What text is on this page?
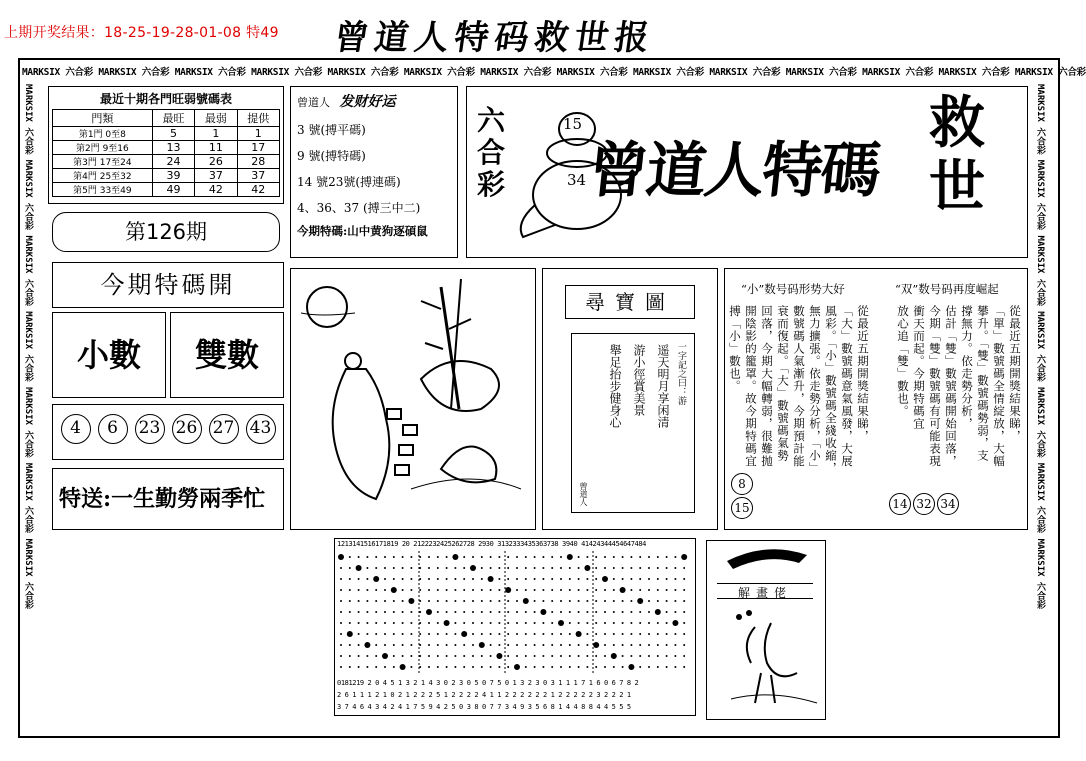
上期开奖结果：18-25-19-28-01-08 特49 曾道人特码救世报
MARKSIX 六合彩 MARKSIX 六合彩 MARKSIX 六合彩 MARKSIX 六合彩 MARKSIX 六合彩 MARKSIX 六合彩 MARKSIX 六合彩 MARKSIX 六合彩 MARKSIX 六合彩 MARKSIX 六合彩 MARKSIX 六合彩 MARKSIX 六合彩 MARKSIX 六合彩 MARKSIX 六合彩
MARKSIX 六合彩 MARKSIX 六合彩 MARKSIX 六合彩 MARKSIX 六合彩 MARKSIX 六合彩 MARKSIX 六合彩 MARKSIX 六合彩	MARKSIX 六合彩 MARKSIX 六合彩 MARKSIX 六合彩 MARKSIX 六合彩 MARKSIX 六合彩 MARKSIX 六合彩 MARKSIX 六合彩
最近十期各門旺弱號碼表
門類	最旺	最弱	提供
第1門 0至8	5	1	1
第2門 9至16	13	11	17
第3門 17至24	24	26	28
第4門 25至32	39	37	37
第5門 33至49	49	42	42
曾道人 发财好运
3 號(搏平碼)
9 號(搏特碼)
14 號23號(搏連碼)
4、36、37 (搏三中二)
今期特碼:山中黄狗逐碩鼠
第126期
今期特碼開
小數	雙數
4	6	23 26 27 43
特送:一生勤勞兩季忙
六
合
彩
15
34
曾道人特碼
救世
尋寶圖
一字記之曰：游
遥天明月享闲清
游小徑賞美景
舉足抬步健身心
曾道人
“小”数号码形势大好	“双”数号码再度崛起
從最近五期開獎結果睇，
「大」數號碼意氣風發，大展
風彩。「小」數號碼全綫收縮，
無力擴張。依走勢分析，「小」
數號碼人氣漸升，今期預計能
衰而復起。「大」數號碼氣勢
回落，今期大幅轉弱，很難抛
開陰影的籠罩。故今期特碼宜
搏「小」數也。	從最近五期開獎結果睇，
「單」數號碼全情綻放，大幅
攀升。「雙」數號碼勢弱，支
撐無力。依走勢分析，
估計「雙」數號碼開始回落，
今期「雙」數號碼有可能表現
衝天而起。今期特碼宜
放心追「雙」數也。
815	14 32 34
1213141516171819 20 2122232425262728 2930 3132333435363738 3940 41424344454647484
0181219 2 0 4 5 1 3 2 1 4 3 0 2 3 0 5 0 7 5 0 1 3 2 3 0 3 1 1 1 7 1 6 0 6 7 8 2
2 6 1 1 1 2 1 0 2 1 2 2 2 5 1 2 2 2 2 4 1 1 2 2 2 2 2 2 1 2 2 2 2 2 3 2 2 2 1
3 7 4 6 4 3 4 2 4 1 7 5 9 4 2 5 0 3 8 0 7 7 3 4 9 3 5 6 8 1 4 4 8 8 4 4 5 5 5
解畫佬
